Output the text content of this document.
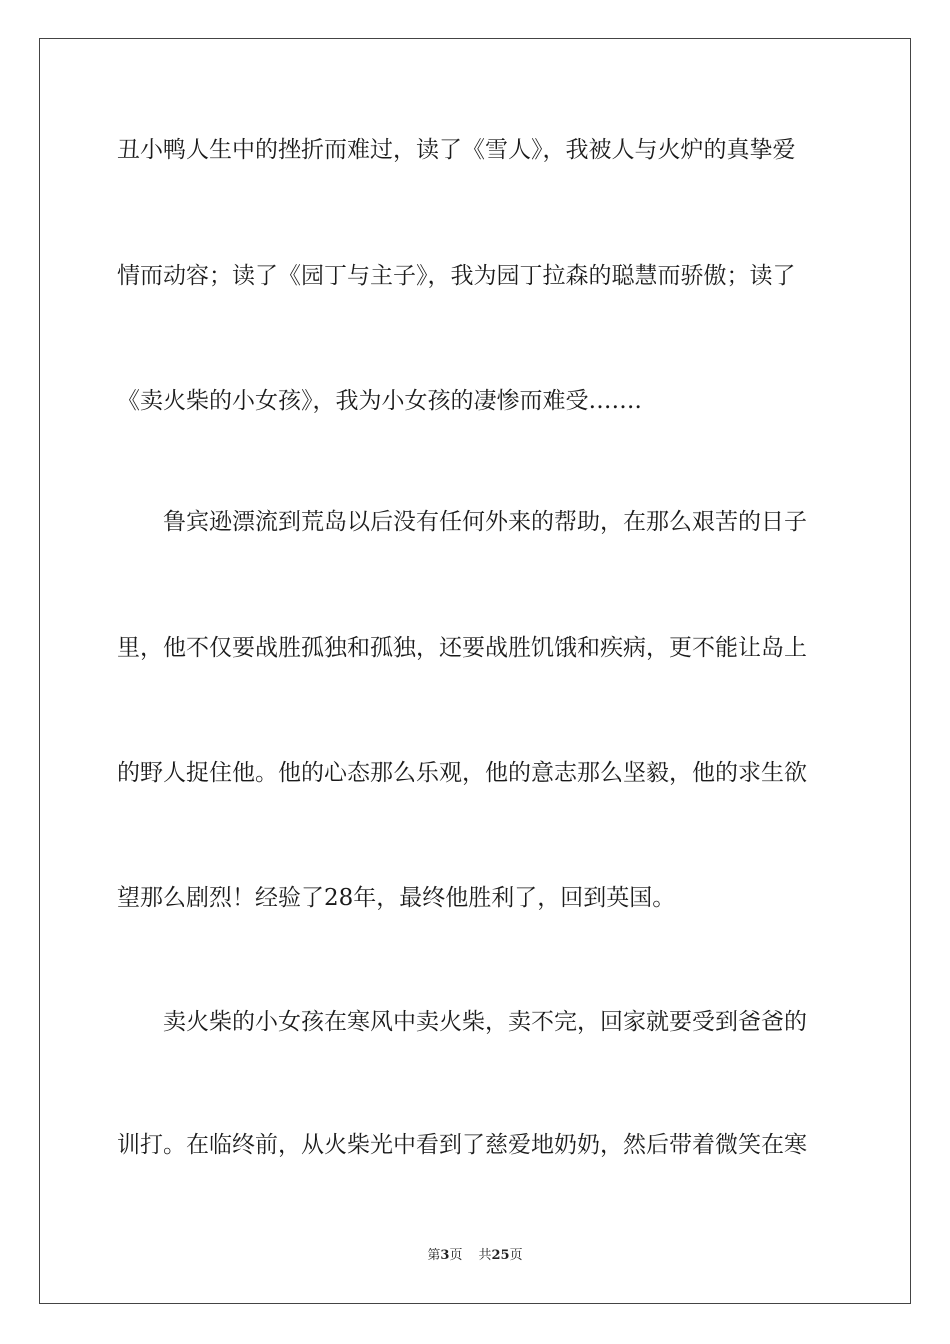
丑小鸭人生中的挫折而难过，读了《雪人》，我被人与火炉的真挚爱
情而动容；读了《园丁与主子》，我为园丁拉森的聪慧而骄傲；读了
《卖火柴的小女孩》，我为小女孩的凄惨而难受…….
鲁宾逊漂流到荒岛以后没有任何外来的帮助，在那么艰苦的日子
里，他不仅要战胜孤独和孤独，还要战胜饥饿和疾病，更不能让岛上
的野人捉住他。他的心态那么乐观，他的意志那么坚毅，他的求生欲
望那么剧烈！经验了28年，最终他胜利了，回到英国。
卖火柴的小女孩在寒风中卖火柴，卖不完，回家就要受到爸爸的
训打。在临终前，从火柴光中看到了慈爱地奶奶，然后带着微笑在寒
第3页 共25页
